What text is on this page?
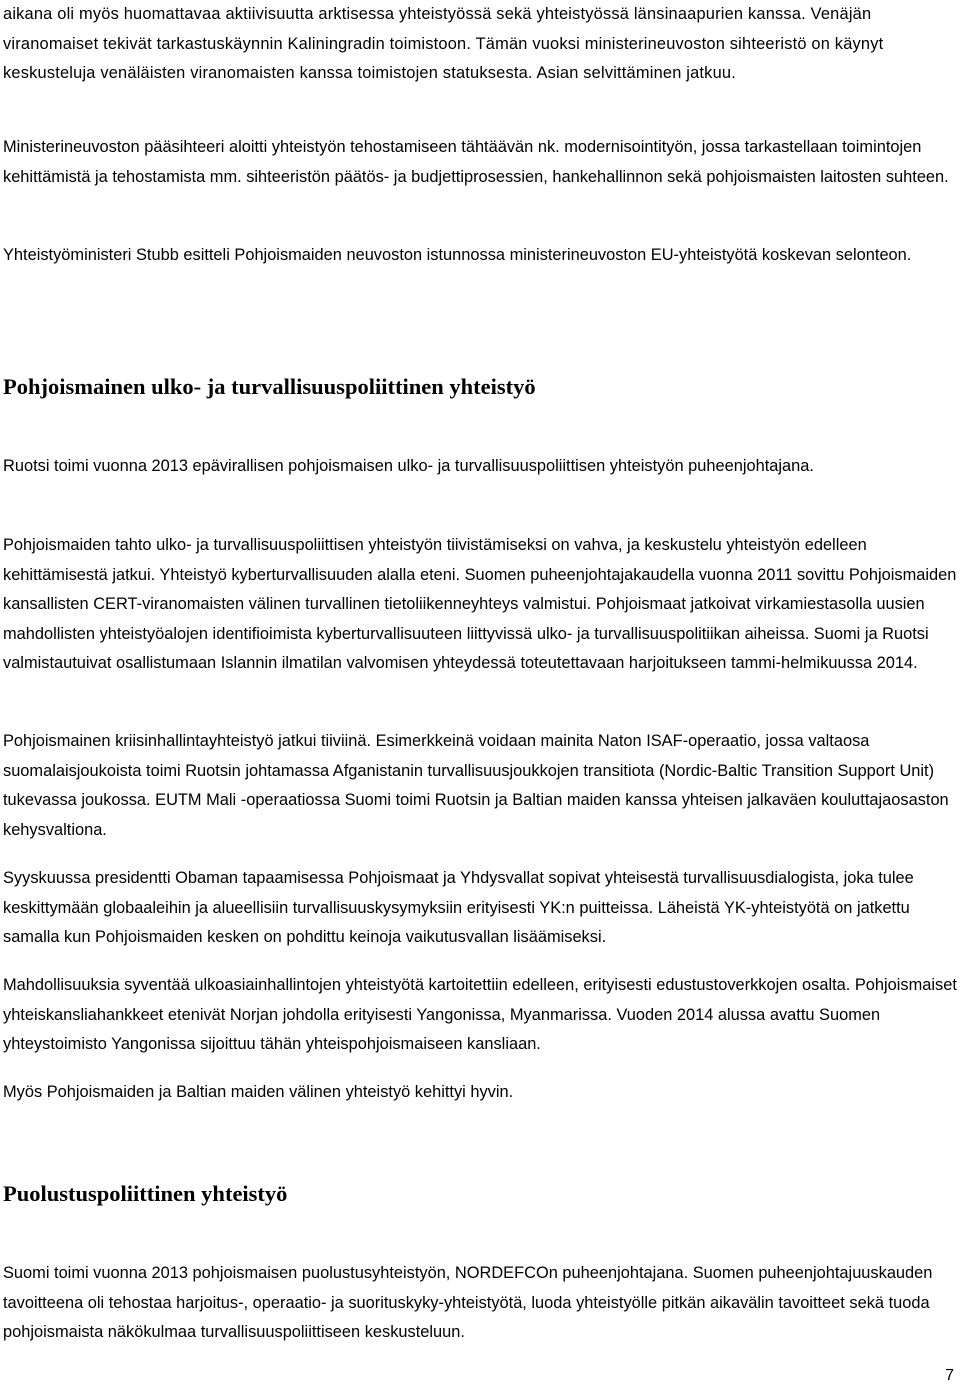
aikana oli myös huomattavaa aktiivisuutta arktisessa yhteistyössä sekä yhteistyössä länsinaapurien kanssa. Venäjän viranomaiset tekivät tarkastuskäynnin Kaliningradin toimistoon. Tämän vuoksi ministerineuvoston sihteeristö on käynyt keskusteluja venäläisten viranomaisten kanssa toimistojen statuksesta. Asian selvittäminen jatkuu.

Ministerineuvoston pääsihteeri aloitti yhteistyön tehostamiseen tähtäävän nk. modernisointityön, jossa tarkastellaan toimintojen kehittämistä ja tehostamista mm. sihteeristön päätös- ja budjettiprosessien, hankehallinnon sekä pohjoismaisten laitosten suhteen.

Yhteistyöministeri Stubb esitteli Pohjoismaiden neuvoston istunnossa ministerineuvoston EU-yhteistyötä koskevan selonteon.

Pohjoismainen ulko- ja turvallisuuspoliittinen yhteistyö

Ruotsi toimi vuonna 2013 epävirallisen pohjoismaisen ulko- ja turvallisuuspoliittisen yhteistyön puheenjohtajana.

Pohjoismaiden tahto ulko- ja turvallisuuspoliittisen yhteistyön tiivistämiseksi on vahva, ja keskustelu yhteistyön edelleen kehittämisestä jatkui. Yhteistyö kyberturvallisuuden alalla eteni. Suomen puheenjohtajakaudella vuonna 2011 sovittu Pohjoismaiden kansallisten CERT-viranomaisten välinen turvallinen tietoliikenneyhteys valmistui. Pohjoismaat jatkoivat virkamiestasolla uusien mahdollisten yhteistyöalojen identifioimista kyberturvallisuuteen liittyvissä ulko- ja turvallisuuspolitiikan aiheissa. Suomi ja Ruotsi valmistautuivat osallistumaan Islannin ilmatilan valvomisen yhteydessä toteutettavaan harjoitukseen tammi-helmikuussa 2014.

Pohjoismainen kriisinhallintayhteistyö jatkui tiiviinä. Esimerkkeinä voidaan mainita Naton ISAF-operaatio, jossa valtaosa suomalaisjoukoista toimi Ruotsin johtamassa Afganistanin turvallisuusjoukkojen transitiota (Nordic-Baltic Transition Support Unit) tukevassa joukossa. EUTM Mali -operaatiossa Suomi toimi Ruotsin ja Baltian maiden kanssa yhteisen jalkaväen kouluttajaosaston kehysvaltiona.

Syyskuussa presidentti Obaman tapaamisessa Pohjoismaat ja Yhdysvallat sopivat yhteisestä turvallisuusdialogista, joka tulee keskittymään globaaleihin ja alueellisiin turvallisuuskysymyksiin erityisesti YK:n puitteissa. Läheistä YK-yhteistyötä on jatkettu samalla kun Pohjoismaiden kesken on pohdittu keinoja vaikutusvallan lisäämiseksi.

Mahdollisuuksia syventää ulkoasiainhallintojen yhteistyötä kartoitettiin edelleen, erityisesti edustustoverkkojen osalta. Pohjoismaiset yhteiskansliahankkeet etenivät Norjan johdolla erityisesti Yangonissa, Myanmarissa. Vuoden 2014 alussa avattu Suomen yhteystoimisto Yangonissa sijoittuu tähän yhteispohjoismaiseen kansliaan.

Myös Pohjoismaiden ja Baltian maiden välinen yhteistyö kehittyi hyvin.

Puolustuspoliittinen yhteistyö

Suomi toimi vuonna 2013 pohjoismaisen puolustusyhteistyön, NORDEFCOn puheenjohtajana. Suomen puheenjohtajuuskauden tavoitteena oli tehostaa harjoitus-, operaatio- ja suorituskyky-yhteistyötä, luoda yhteistyölle pitkän aikavälin tavoitteet sekä tuoda pohjoismaista näkökulmaa turvallisuuspoliittiseen keskusteluun.

7
